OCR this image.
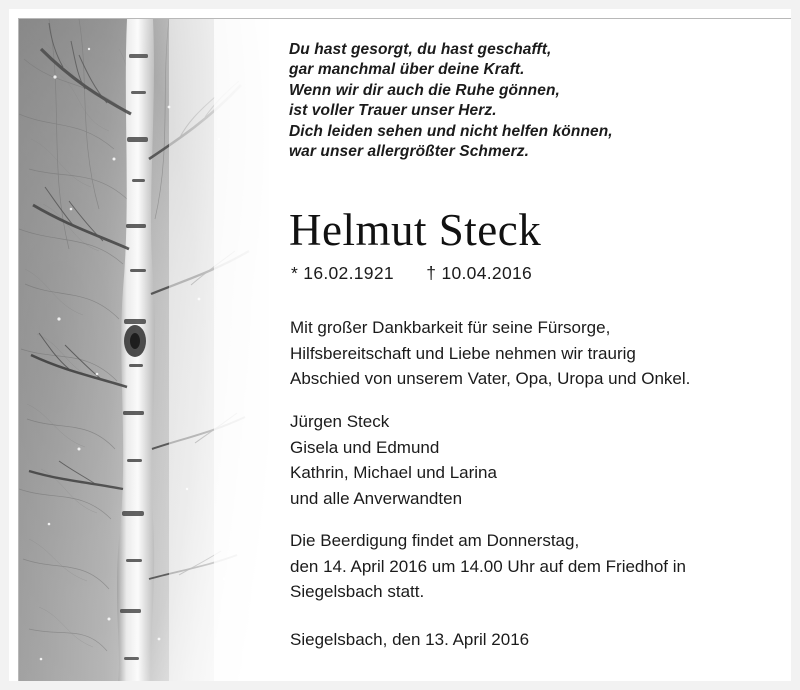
Du hast gesorgt, du hast geschafft,
gar manchmal über deine Kraft.
Wenn wir dir auch die Ruhe gönnen,
ist voller Trauer unser Herz.
Dich leiden sehen und nicht helfen können,
war unser allergrößter Schmerz.
Helmut Steck
* 16.02.1921 † 10.04.2016
Mit großer Dankbarkeit für seine Fürsorge,
Hilfsbereitschaft und Liebe nehmen wir traurig
Abschied von unserem Vater, Opa, Uropa und Onkel.
Jürgen Steck
Gisela und Edmund
Kathrin, Michael und Larina
und alle Anverwandten
Die Beerdigung findet am Donnerstag,
den 14. April 2016 um 14.00 Uhr auf dem Friedhof in
Siegelsbach statt.
Siegelsbach, den 13. April 2016
